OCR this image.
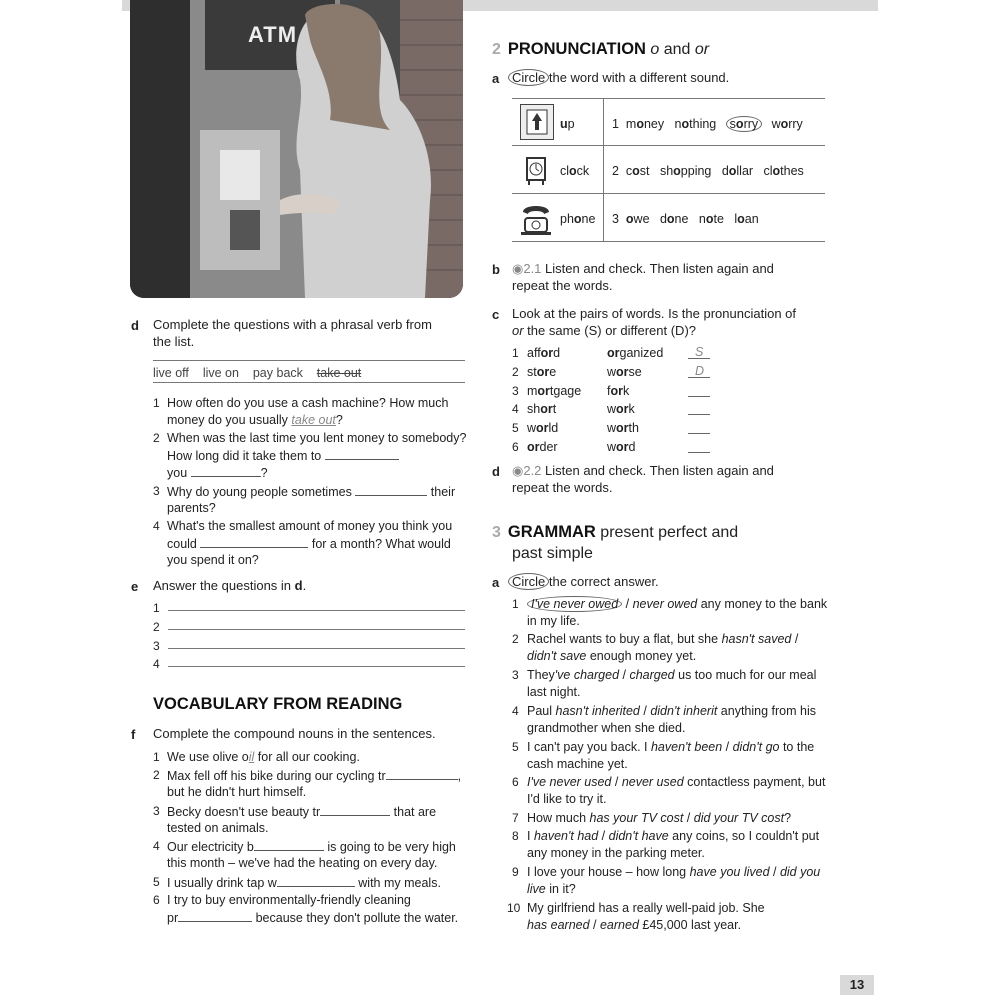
ATM
d Complete the questions with a phrasal verb from
the list.
live off live on pay back take out
1 How often do you use a cash machine? How much
money do you usually take out?
2 When was the last time you lent money to somebody?
How long did it take them to
you	?
3 Why do young people sometimes	their
parents?
4 What's the smallest amount of money you think you
could	for a month? What would
you spend it on?
e Answer the questions in d.
1
2
3
4
VOCABULARY FROM READING
f Complete the compound nouns in the sentences.
1 We use olive oil for all our cooking.
2 Max fell off his bike during our cycling tr	,
but he didn't hurt himself.
3 Becky doesn't use beauty tr	that are
tested on animals.
4 Our electricity b	is going to be very high
this month – we've had the heating on every day.
5 I usually drink tap w	with my meals.
6 I try to buy environmentally-friendly cleaning
pr	because they don't pollute the water.
2 PRONUNCIATION o and or
a Circle the word with a different sound.
up	1 money nothing sorry worry
clock 2 cost shopping dollar clothes
phone 3 owe done note loan
b ◉2.1 Listen and check. Then listen again and
repeat the words.
c Look at the pairs of words. Is the pronunciation of
or the same (S) or different (D)?
1 afford	organized	S
2 store	worse	D
3 mortgage fork
4 short	work
5 world	worth
6 order	word
d ◉2.2 Listen and check. Then listen again and
repeat the words.
3 GRAMMAR present perfect and
past simple
a Circle the correct answer.
1 I've never owed / never owed any money to the bank
in my life.
2 Rachel wants to buy a flat, but she hasn't saved /
didn't save enough money yet.
3 They've charged / charged us too much for our meal
last night.
4 Paul hasn't inherited / didn't inherit anything from his
grandmother when she died.
5 I can't pay you back. I haven't been / didn't go to the
cash machine yet.
6 I've never used / never used contactless payment, but
I'd like to try it.
7 How much has your TV cost / did your TV cost?
8 I haven't had / didn't have any coins, so I couldn't put
any money in the parking meter.
9 I love your house – how long have you lived / did you
live in it?
10 My girlfriend has a really well-paid job. She
has earned / earned £45,000 last year.
13
